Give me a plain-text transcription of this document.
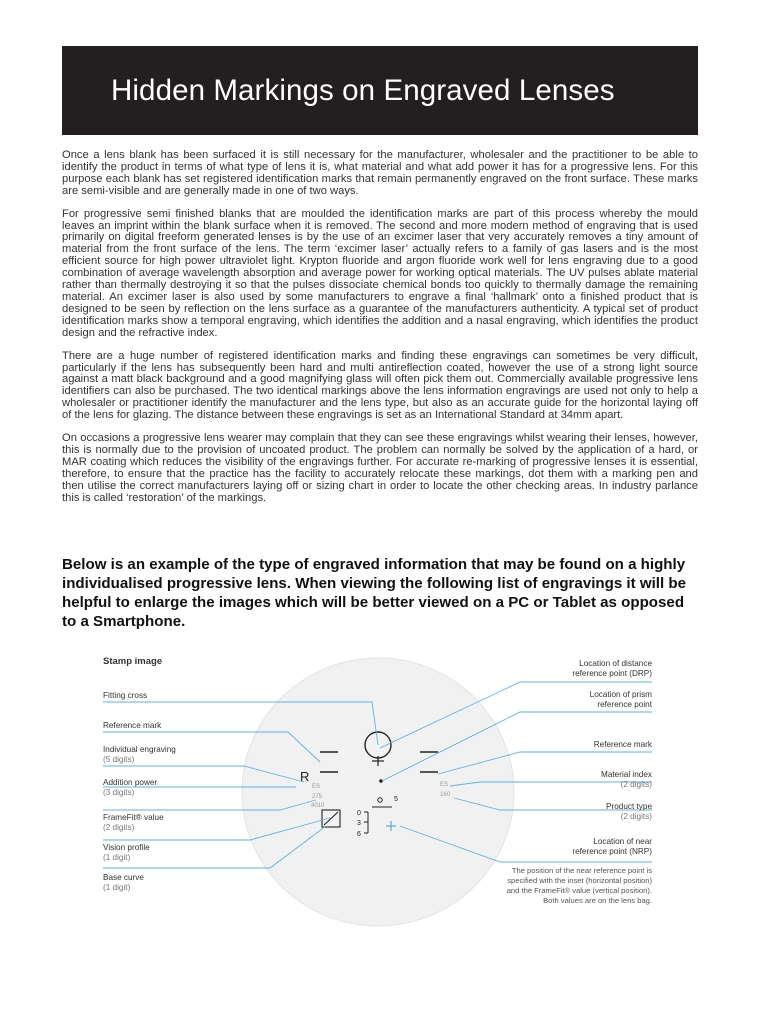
Hidden Markings on Engraved Lenses

Once a lens blank has been surfaced it is still necessary for the manufacturer, wholesaler and the practitioner to be able to identify the product in terms of what type of lens it is, what material and what add power it has for a progressive lens. For this purpose each blank has set registered identification marks that remain permanently engraved on the front surface. These marks are semi-visible and are generally made in one of two ways.

For progressive semi finished blanks that are moulded the identification marks are part of this process whereby the mould leaves an imprint within the blank surface when it is removed. The second and more modern method of engraving that is used primarily on digital freeform generated lenses is by the use of an excimer laser that very accurately removes a tiny amount of material from the front surface of the lens. The term ‘excimer laser’ actually refers to a family of gas lasers and is the most efficient source for high power ultraviolet light. Krypton fluoride and argon fluoride work well for lens engraving due to a good combination of average wavelength absorption and average power for working optical materials. The UV pulses ablate material rather than thermally destroying it so that the pulses dissociate chemical bonds too quickly to thermally damage the remaining material. An excimer laser is also used by some manufacturers to engrave a final ‘hallmark’ onto a finished product that is designed to be seen by reflection on the lens surface as a guarantee of the manufacturers authenticity. A typical set of product identification marks show a temporal engraving, which identifies the addition and a nasal engraving, which identifies the product design and the refractive index.

There are a huge number of registered identification marks and finding these engravings can sometimes be very difficult, particularly if the lens has subsequently been hard and multi antireflection coated, however the use of a strong light source against a matt black background and a good magnifying glass will often pick them out. Commercially available progressive lens identifiers can also be purchased. The two identical markings above the lens information engravings are used not only to help a wholesaler or practitioner identify the manufacturer and the lens type, but also as an accurate guide for the horizontal laying off of the lens for glazing. The distance between these engravings is set as an International Standard at 34mm apart.

On occasions a progressive lens wearer may complain that they can see these engravings whilst wearing their lenses, however, this is normally due to the provision of uncoated product. The problem can normally be solved by the application of a hard, or MAR coating which reduces the visibility of the engravings further. For accurate re-marking of progressive lenses it is essential, therefore, to ensure that the practice has the facility to accurately relocate these markings, dot them with a marking pen and then utilise the correct manufacturers laying off or sizing chart in order to locate the other checking areas. In industry parlance this is called ‘restoration’ of the markings.

Below is an example of the type of engraved information that may be found on a highly individualised progressive lens. When viewing the following list of engravings it will be helpful to enlarge the images which will be better viewed on a PC or Tablet as opposed to a Smartphone.

Stamp image
R
ES
275
4010
ES
160
5
0
3
6
Fitting cross
Reference mark
Individual engraving
(5 digits)
Addition power
(3 digits)
FrameFit® value
(2 digits)
Vision profile
(1 digit)
Base curve
(1 digit)
Location of distance
reference point (DRP)
Location of prism
reference point
Reference mark
Material index
(2 digits)
Product type
(2 digits)
Location of near
reference point (NRP)
The position of the near reference point is specified with the inset (horizontal position) and the FrameFit® value (vertical position). Both values are on the lens bag.
